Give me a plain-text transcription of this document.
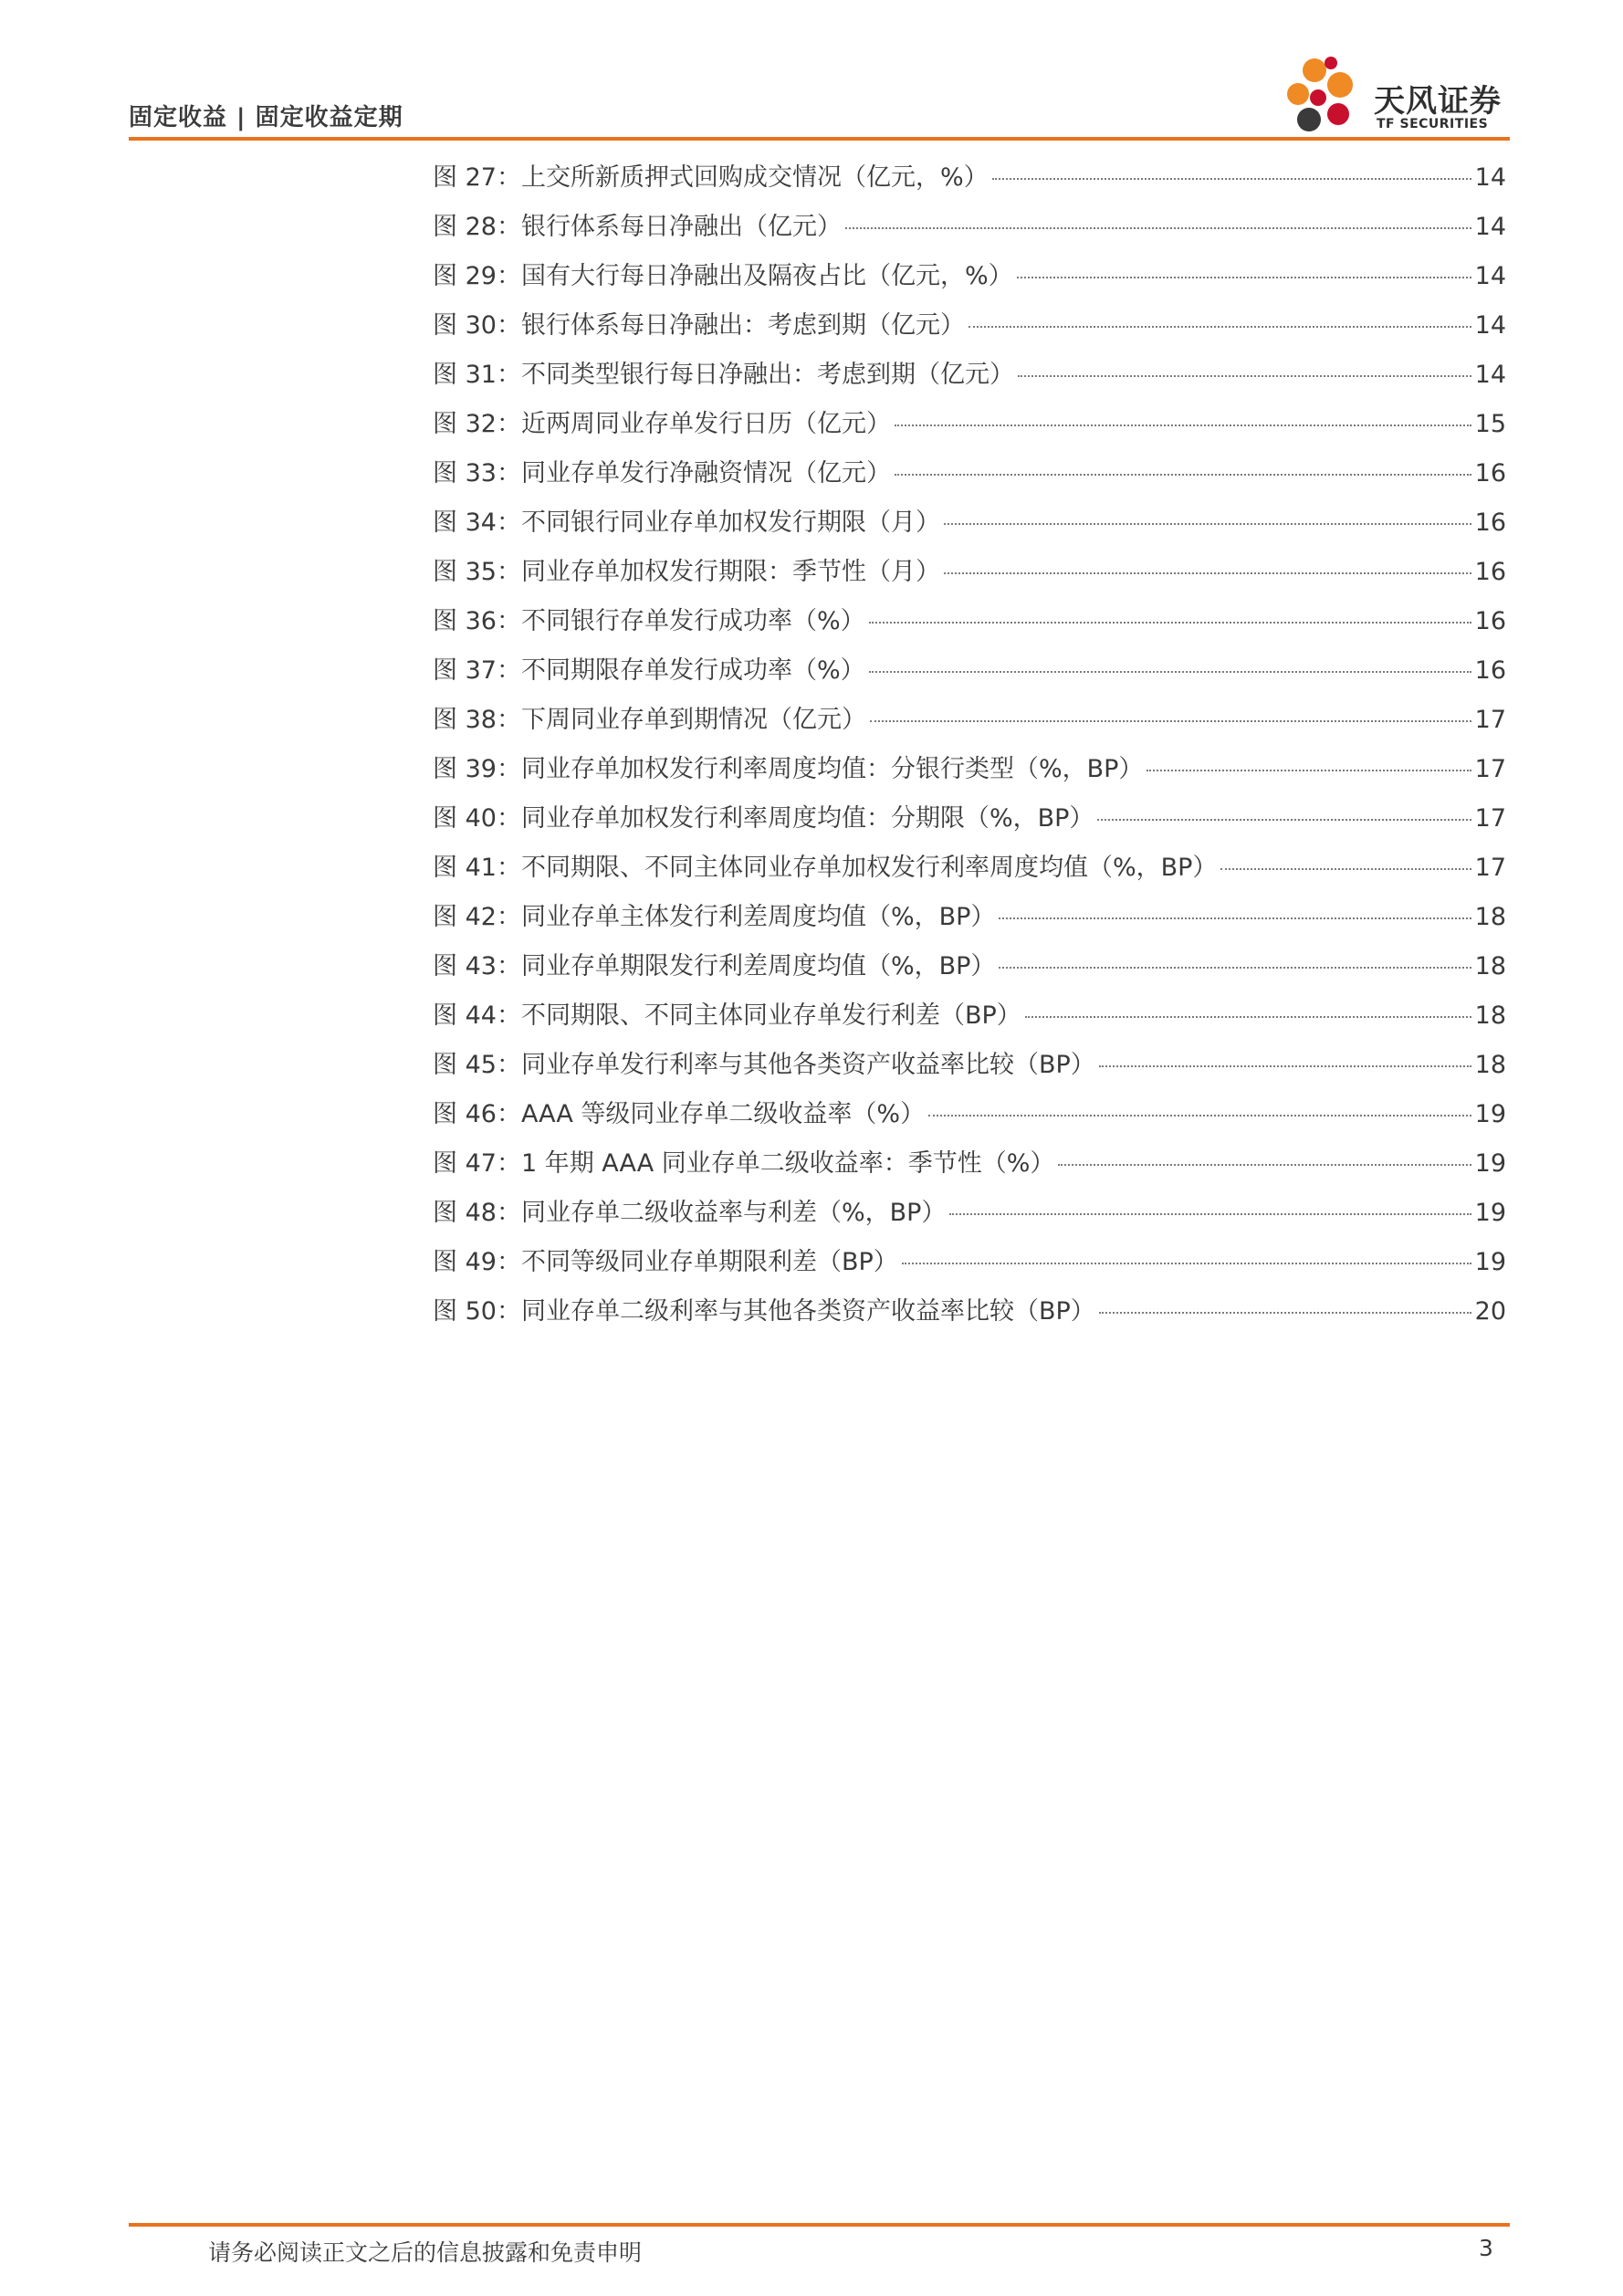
固定收益 | 固定收益定期	天风证券
TF SECURITIES
图 27：上交所新质押式回购成交情况（亿元，%）	14
图 28：银行体系每日净融出（亿元）	14
图 29：国有大行每日净融出及隔夜占比（亿元，%）	14
图 30：银行体系每日净融出：考虑到期（亿元）	14
图 31：不同类型银行每日净融出：考虑到期（亿元）	14
图 32：近两周同业存单发行日历（亿元）	15
图 33：同业存单发行净融资情况（亿元）	16
图 34：不同银行同业存单加权发行期限（月）	16
图 35：同业存单加权发行期限：季节性（月）	16
图 36：不同银行存单发行成功率（%）	16
图 37：不同期限存单发行成功率（%）	16
图 38：下周同业存单到期情况（亿元）	17
图 39：同业存单加权发行利率周度均值：分银行类型（%，BP）	17
图 40：同业存单加权发行利率周度均值：分期限（%，BP）	17
图 41：不同期限、不同主体同业存单加权发行利率周度均值（%，BP）	17
图 42：同业存单主体发行利差周度均值（%，BP）	18
图 43：同业存单期限发行利差周度均值（%，BP）	18
图 44：不同期限、不同主体同业存单发行利差（BP）	18
图 45：同业存单发行利率与其他各类资产收益率比较（BP）	18
图 46：AAA 等级同业存单二级收益率（%）	19
图 47：1 年期 AAA 同业存单二级收益率：季节性（%）	19
图 48：同业存单二级收益率与利差（%，BP）	19
图 49：不同等级同业存单期限利差（BP）	19
图 50：同业存单二级利率与其他各类资产收益率比较（BP）	20
请务必阅读正文之后的信息披露和免责申明	3
